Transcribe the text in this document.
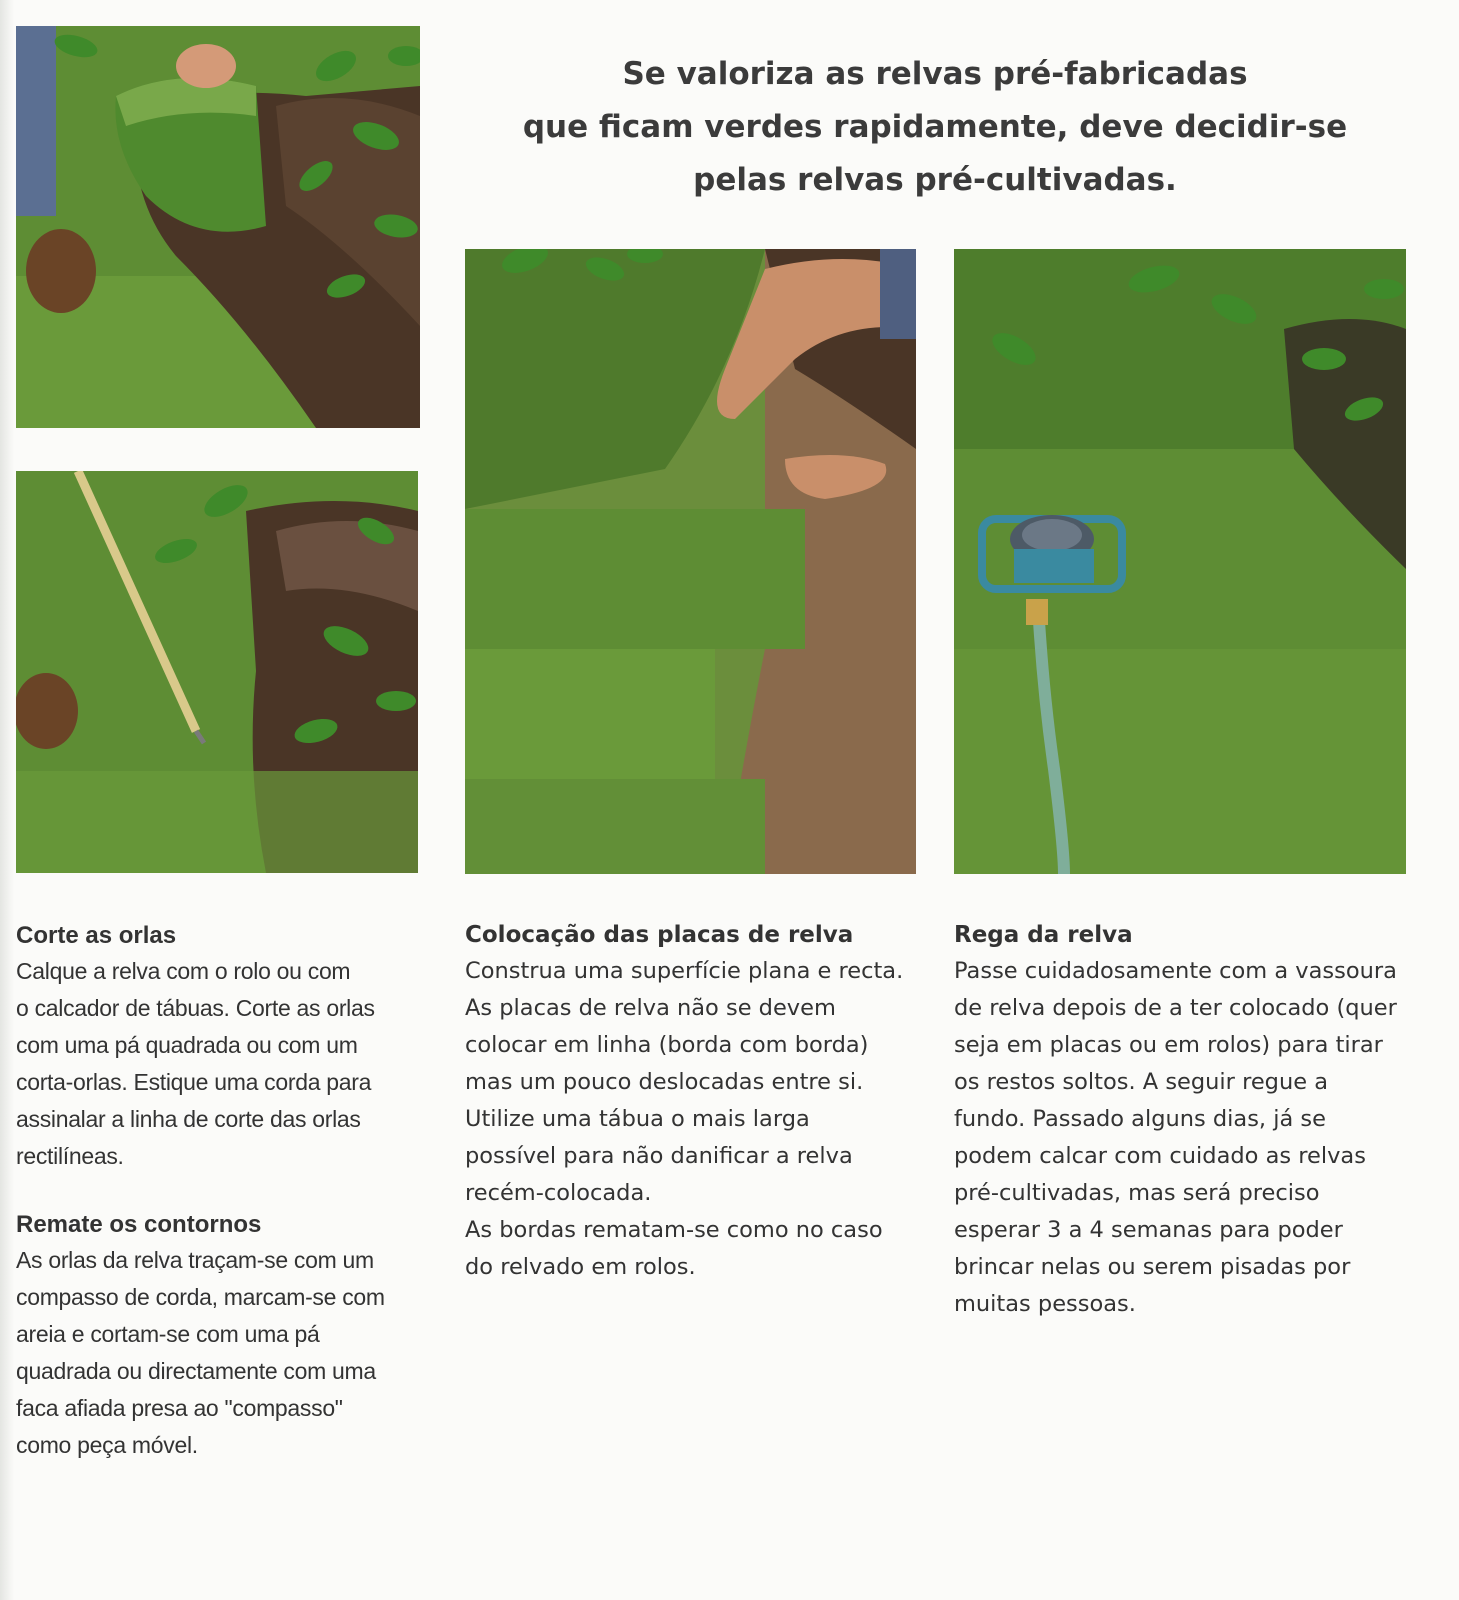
Se valoriza as relvas pré-fabricadas
que ficam verdes rapidamente, deve decidir-se
pelas relvas pré-cultivadas.
Corte as orlas
Calque a relva com o rolo ou com
o calcador de tábuas. Corte as orlas
com uma pá quadrada ou com um
corta-orlas. Estique uma corda para
assinalar a linha de corte das orlas
rectilíneas.
Remate os contornos
As orlas da relva traçam-se com um
compasso de corda, marcam-se com
areia e cortam-se com uma pá
quadrada ou directamente com uma
faca afiada presa ao "compasso"
como peça móvel.
Colocação das placas de relva
Construa uma superfície plana e recta.
As placas de relva não se devem
colocar em linha (borda com borda)
mas um pouco deslocadas entre si.
Utilize uma tábua o mais larga
possível para não danificar a relva
recém-colocada.
As bordas rematam-se como no caso
do relvado em rolos.
Rega da relva
Passe cuidadosamente com a vassoura
de relva depois de a ter colocado (quer
seja em placas ou em rolos) para tirar
os restos soltos. A seguir regue a
fundo. Passado alguns dias, já se
podem calcar com cuidado as relvas
pré-cultivadas, mas será preciso
esperar 3 a 4 semanas para poder
brincar nelas ou serem pisadas por
muitas pessoas.
